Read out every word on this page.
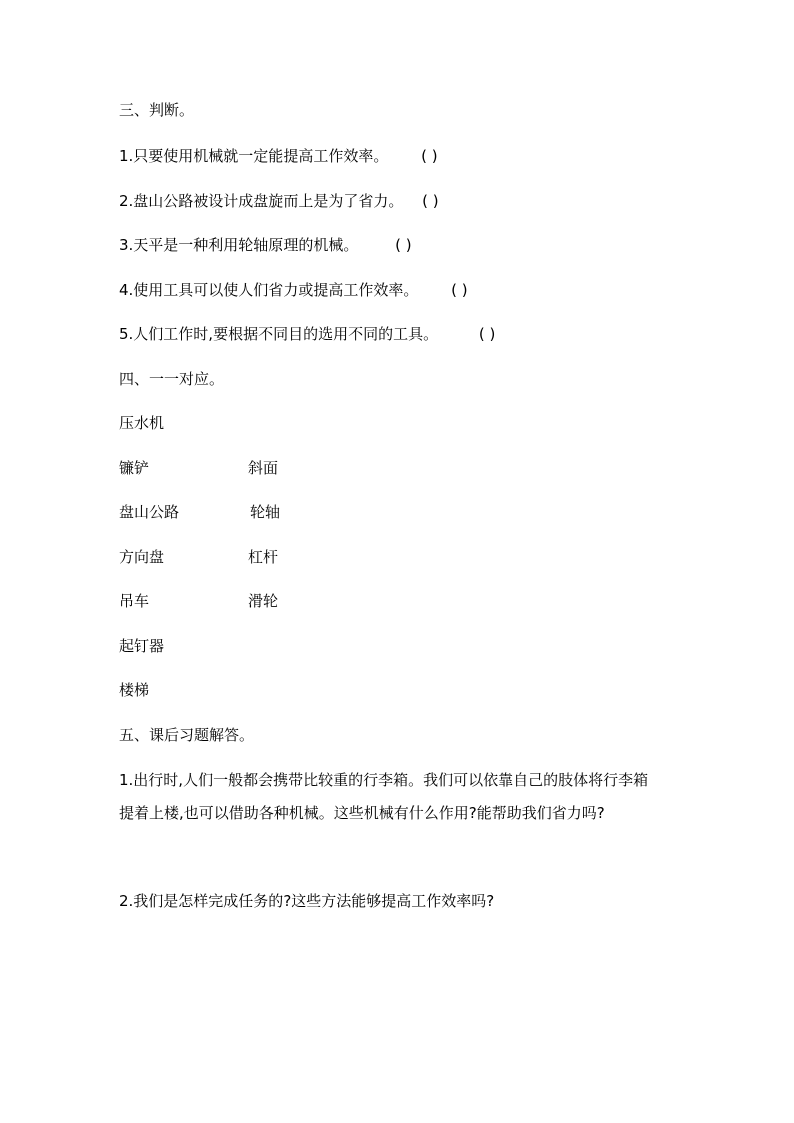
三、判断。
1.只要使用机械就一定能提高工作效率。 ( )
2.盘山公路被设计成盘旋而上是为了省力。 ( )
3.天平是一种利用轮轴原理的机械。 ( )
4.使用工具可以使人们省力或提高工作效率。 ( )
5.人们工作时,要根据不同目的选用不同的工具。	( )
四、一一对应。
压水机
镰铲
盘山公路
方向盘
吊车
起钉器
楼梯
斜面
轮轴
杠杆
滑轮
五、课后习题解答。
1.出行时,人们一般都会携带比较重的行李箱。我们可以依靠自己的肢体将行李箱
提着上楼,也可以借助各种机械。这些机械有什么作用?能帮助我们省力吗?
2.我们是怎样完成任务的?这些方法能够提高工作效率吗?
